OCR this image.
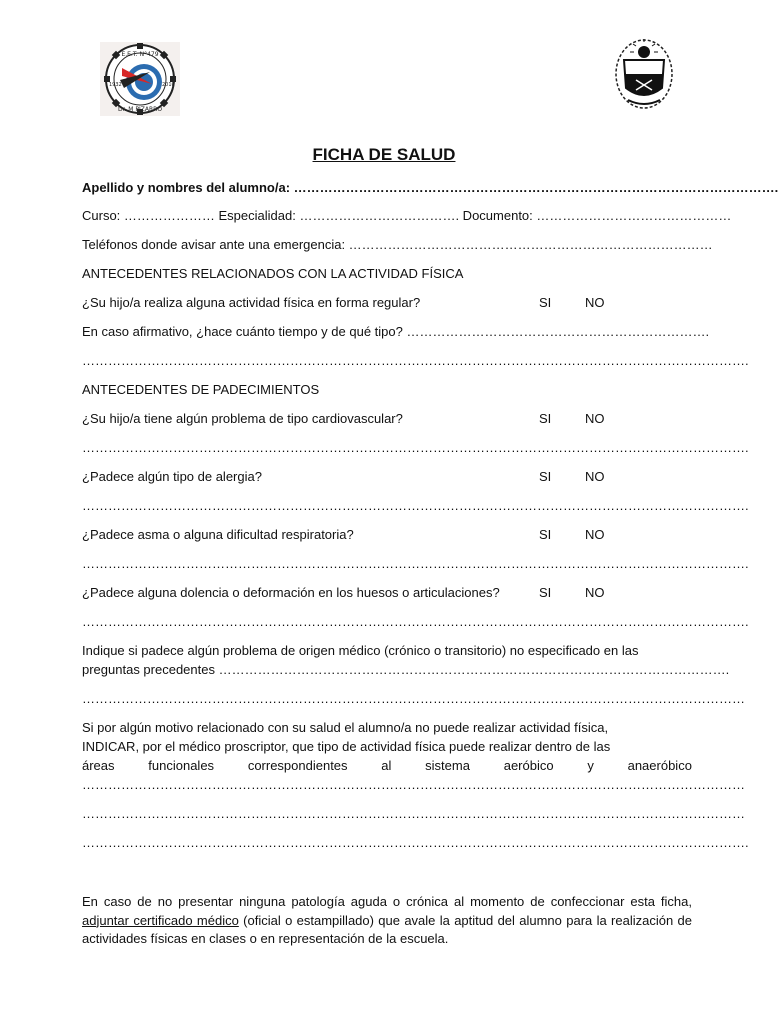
E.E.T. N°479
Dr. M PIZARRO
1932	2010
FICHA DE SALUD
Apellido y nombres del alumno/a: ………………………………………………………………………………………………….
Curso: ………………… Especialidad: ………………………………. Documento: ………………………………………
Teléfonos donde avisar ante una emergencia: …………………………………………………………………………
ANTECEDENTES RELACIONADOS CON LA ACTIVIDAD FÍSICA
¿Su hijo/a realiza alguna actividad física en forma regular?	SI	NO
En caso afirmativo, ¿hace cuánto tiempo y de qué tipo? …………………………………………………………….
……………………………………………………………………………………………………………………………………….
ANTECEDENTES DE PADECIMIENTOS
¿Su hijo/a tiene algún problema de tipo cardiovascular?	SI	NO
……………………………………………………………………………………………………………………………………….
¿Padece algún tipo de alergia?	SI	NO
……………………………………………………………………………………………………………………………………….
¿Padece asma o alguna dificultad respiratoria?	SI	NO
……………………………………………………………………………………………………………………………………….
¿Padece alguna dolencia o deformación en los huesos o articulaciones?	SI	NO
……………………………………………………………………………………………………………………………………….
Indique si padece algún problema de origen médico (crónico o transitorio) no especificado en las
preguntas precedentes ……………………………………………………………………………………………………….
………………………………………………………………………………………………………………………………………
Si por algún motivo relacionado con su salud el alumno/a no puede realizar actividad física,
INDICAR, por el médico proscriptor, que tipo de actividad física puede realizar dentro de las
áreas	funcionales	correspondientes	al	sistema	aeróbico	y	anaeróbico
………………………………………………………………………………………………………………………………………
………………………………………………………………………………………………………………………………………
……………………………………………………………………………………………………………………………………….
En caso de no presentar ninguna patología aguda o crónica al momento de confeccionar esta ficha, adjuntar certificado médico (oficial o estampillado) que avale la aptitud del alumno para la realización de actividades físicas en clases o en representación de la escuela.
